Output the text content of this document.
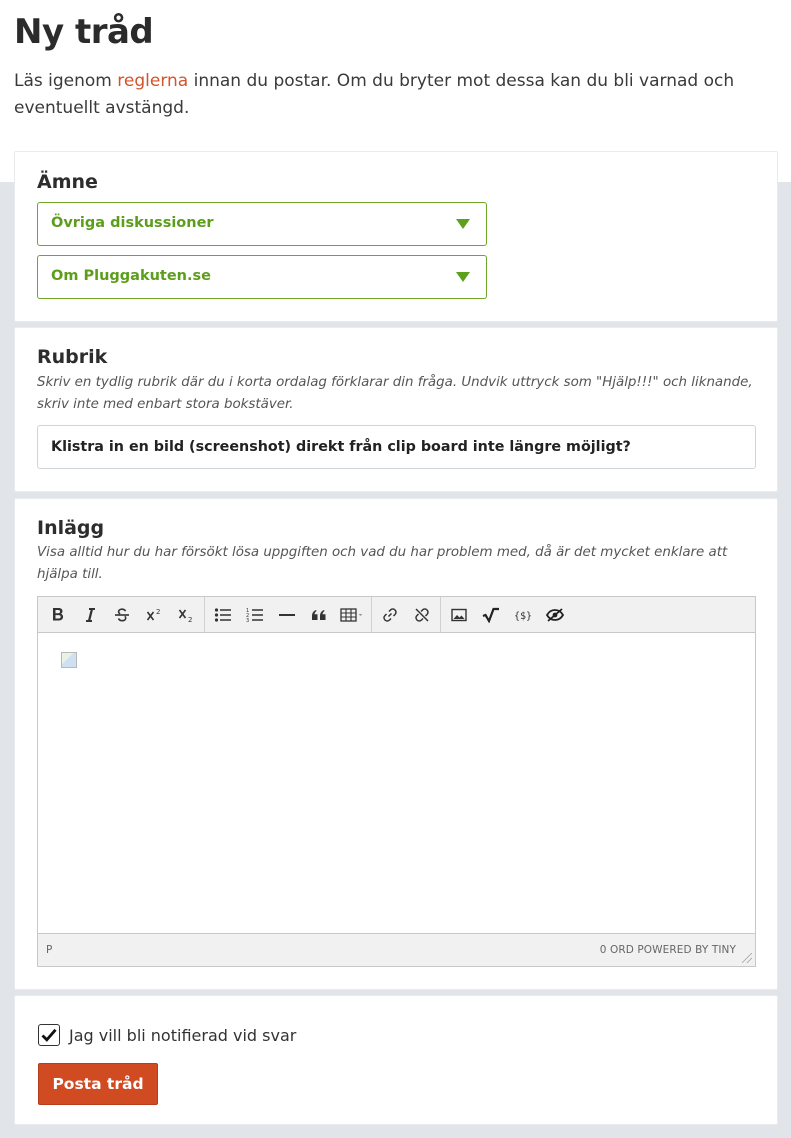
Ny tråd

Läs igenom reglerna innan du postar. Om du bryter mot dessa kan du bli varnad och eventuellt avstängd.

Ämne
Övriga diskussioner
Om Pluggakuten.se
Rubrik
Skriv en tydlig rubrik där du i korta ordalag förklarar din fråga. Undvik uttryck som "Hjälp!!!" och liknande, skriv inte med enbart stora bokstäver.
Klistra in en bild (screenshot) direkt från clip board inte längre möjligt?
Inlägg
Visa alltid hur du har försökt lösa uppgiften och vad du har problem med, då är det mycket enklare att hjälpa till.
2
2
1
2
3	{$}
P	0 ORD POWERED BY TINY
Jag vill bli notifierad vid svar
Posta tråd
